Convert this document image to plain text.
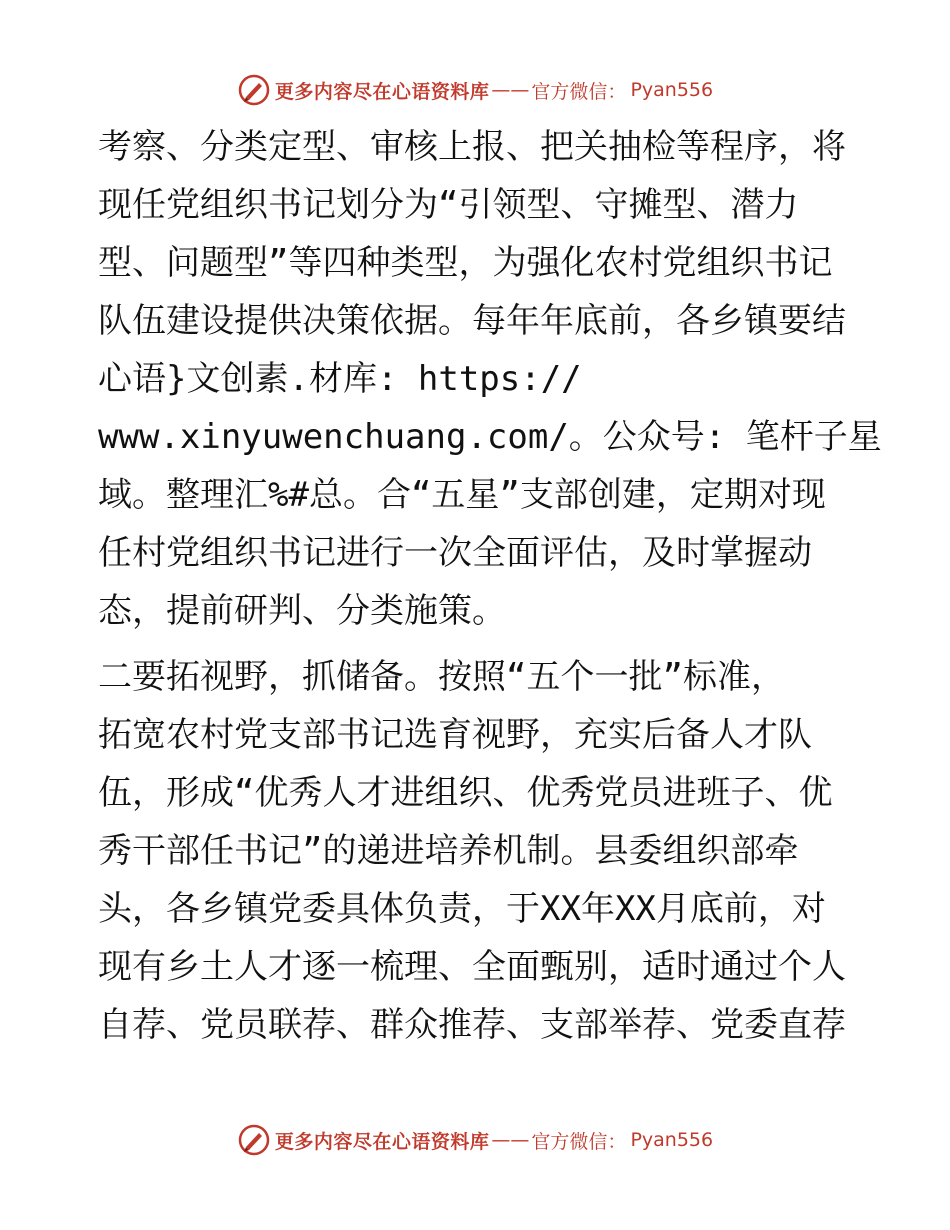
更多内容尽在心语资料库 —— 官方微信： Pyan556
考察、分类定型、审核上报、把关抽检等程序，将
现任党组织书记划分为“引领型、守摊型、潜力
型、问题型”等四种类型，为强化农村党组织书记
队伍建设提供决策依据。每年年底前，各乡镇要结
心语}文创素.材库: https://
www.xinyuwenchuang.com/。公众号: 笔杆子星
域。整理汇%#总。合“五星”支部创建，定期对现
任村党组织书记进行一次全面评估，及时掌握动
态，提前研判、分类施策。
二要拓视野，抓储备。按照“五个一批”标准，
拓宽农村党支部书记选育视野，充实后备人才队
伍，形成“优秀人才进组织、优秀党员进班子、优
秀干部任书记”的递进培养机制。县委组织部牵
头，各乡镇党委具体负责，于XX年XX月底前，对
现有乡土人才逐一梳理、全面甄别，适时通过个人
自荐、党员联荐、群众推荐、支部举荐、党委直荐
更多内容尽在心语资料库 —— 官方微信： Pyan556
